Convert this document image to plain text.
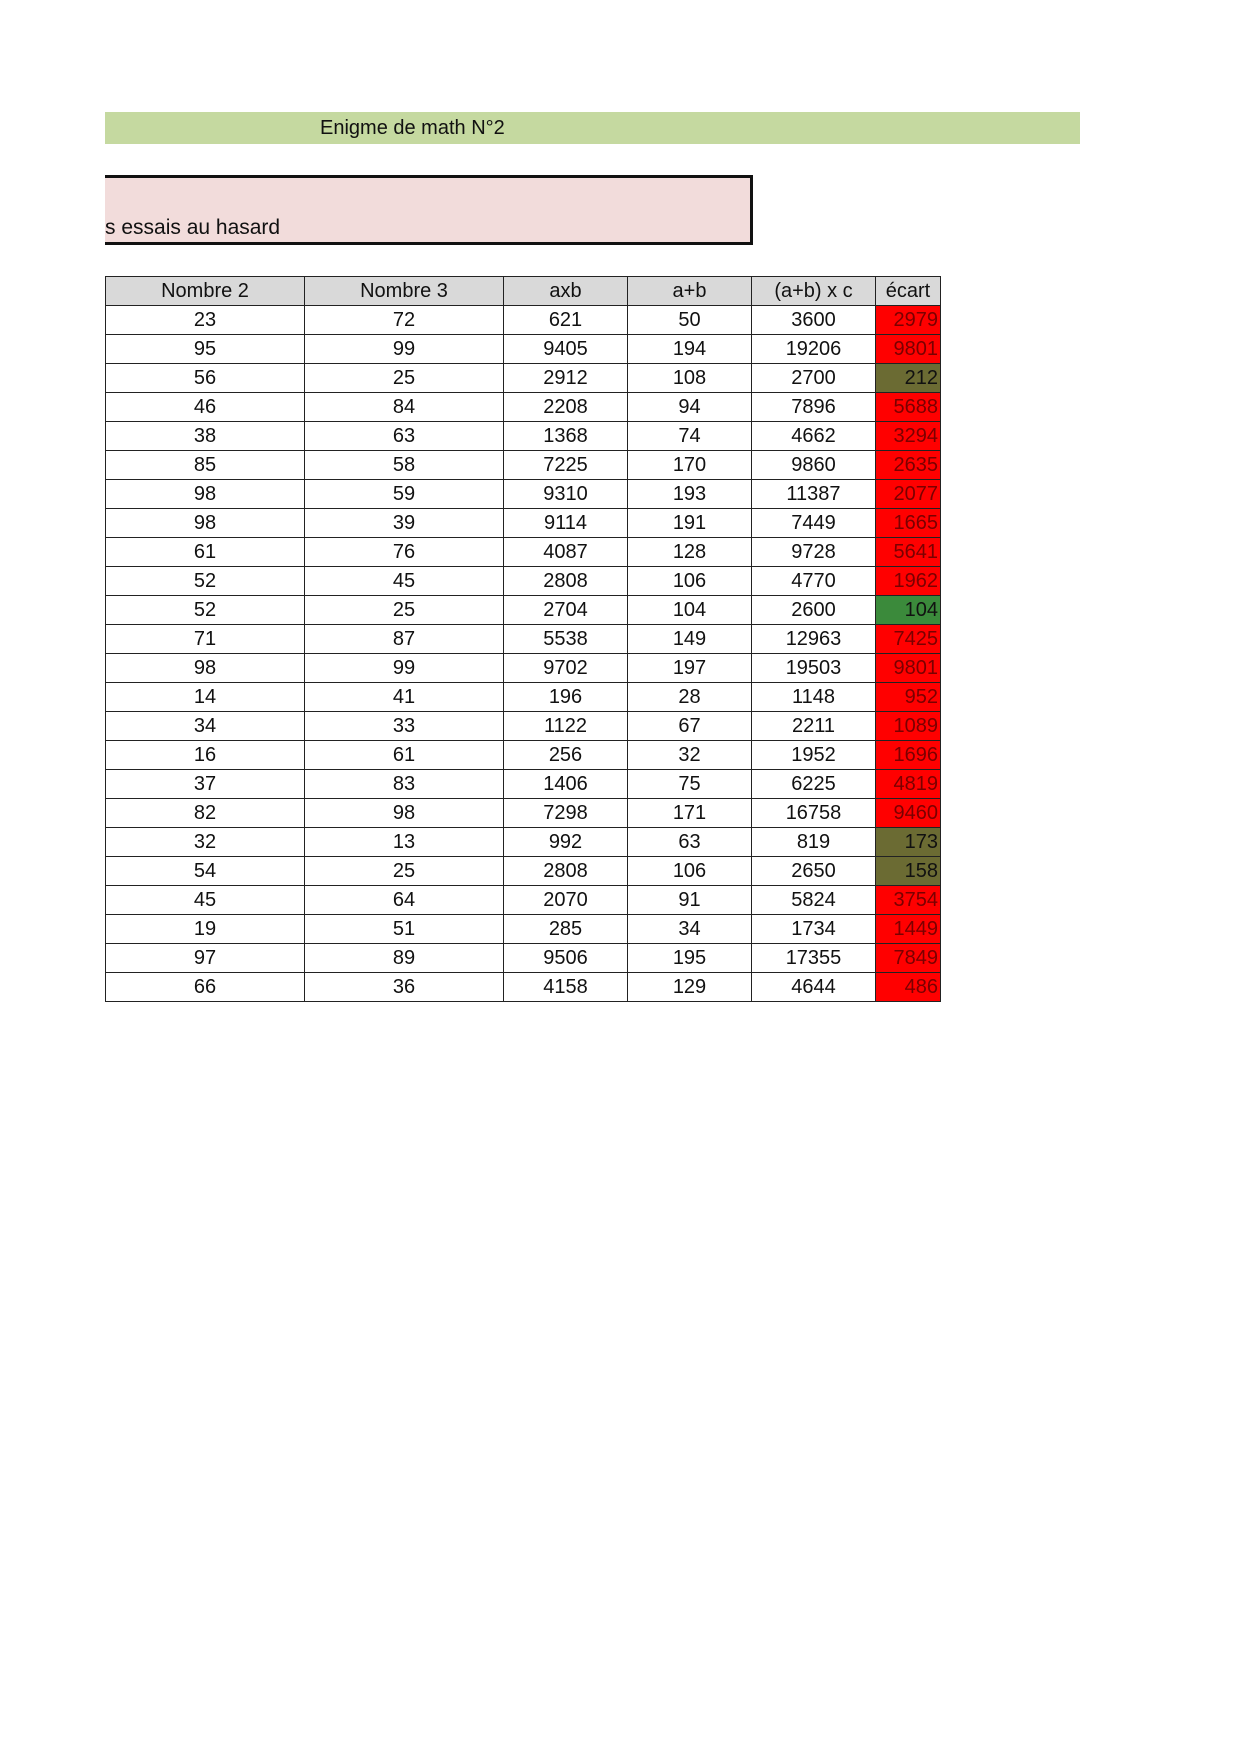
Enigme de math N°2
s essais au hasard
Nombre 2	Nombre 3	axb	a+b	(a+b) x c	écart
23	72	621	50	3600	2979
95	99	9405	194	19206	9801
56	25	2912	108	2700	212
46	84	2208	94	7896	5688
38	63	1368	74	4662	3294
85	58	7225	170	9860	2635
98	59	9310	193	11387	2077
98	39	9114	191	7449	1665
61	76	4087	128	9728	5641
52	45	2808	106	4770	1962
52	25	2704	104	2600	104
71	87	5538	149	12963	7425
98	99	9702	197	19503	9801
14	41	196	28	1148	952
34	33	1122	67	2211	1089
16	61	256	32	1952	1696
37	83	1406	75	6225	4819
82	98	7298	171	16758	9460
32	13	992	63	819	173
54	25	2808	106	2650	158
45	64	2070	91	5824	3754
19	51	285	34	1734	1449
97	89	9506	195	17355	7849
66	36	4158	129	4644	486
